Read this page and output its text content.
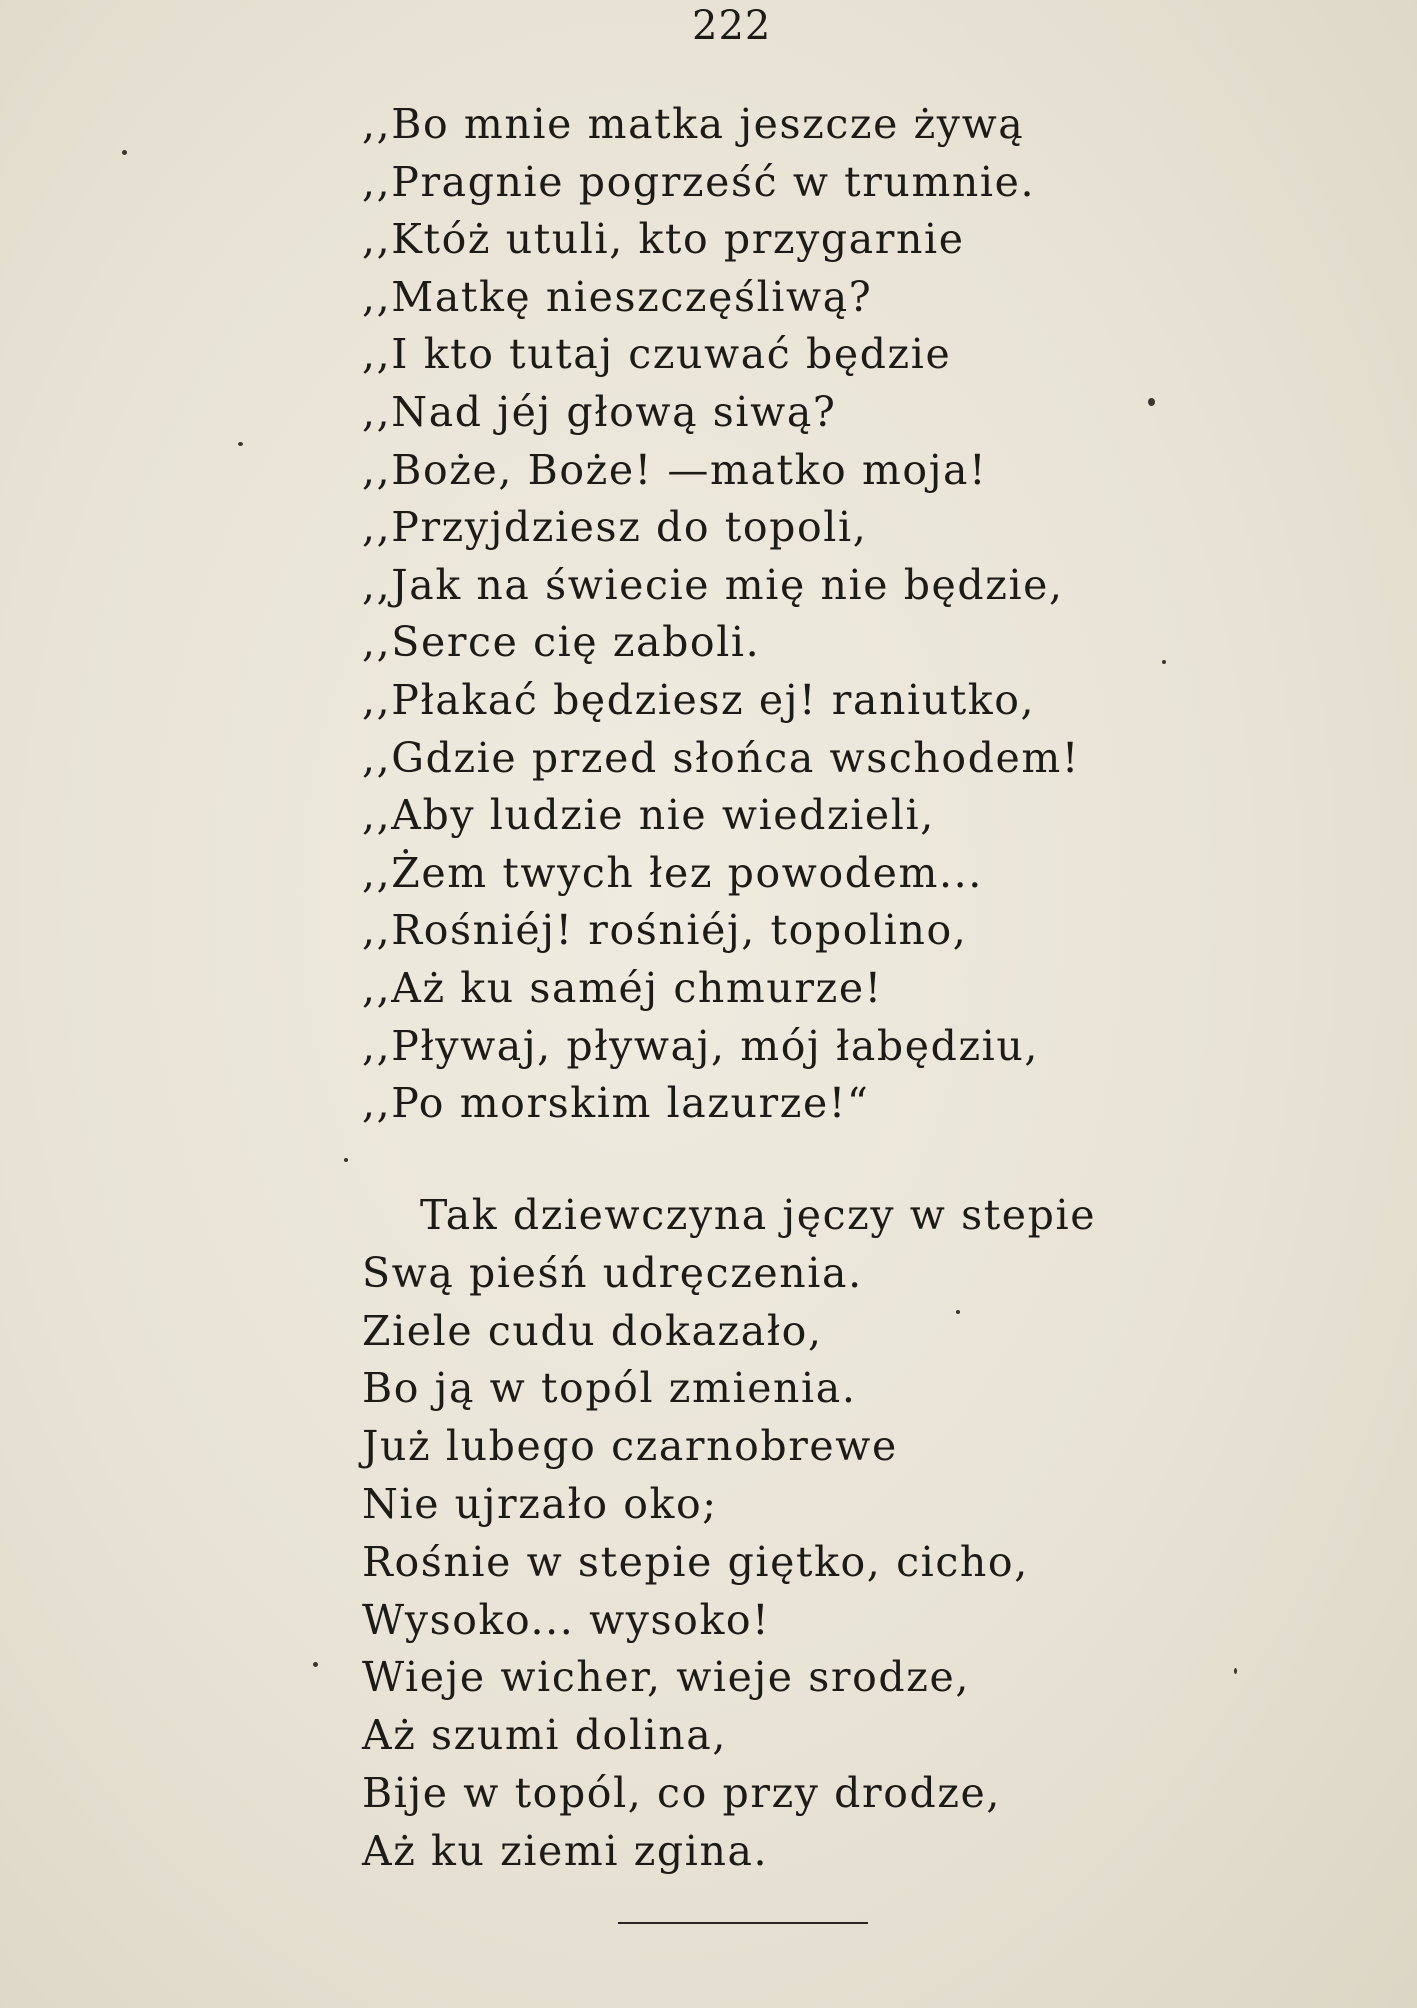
222
,,Bo mnie matka jeszcze żywą
,,Pragnie pogrześć w trumnie.
,,Któż utuli, kto przygarnie
,,Matkę nieszczęśliwą?
,,I kto tutaj czuwać będzie
,,Nad jéj głową siwą?
,,Boże, Boże! —matko moja!
,,Przyjdziesz do topoli,
,,Jak na świecie mię nie będzie,
,,Serce cię zaboli.
,,Płakać będziesz ej! raniutko,
,,Gdzie przed słońca wschodem!
,,Aby ludzie nie wiedzieli,
,,Żem twych łez powodem...
,,Rośniéj! rośniéj, topolino,
,,Aż ku saméj chmurze!
,,Pływaj, pływaj, mój łabędziu,
,,Po morskim lazurze!“
Tak dziewczyna jęczy w stepie
Swą pieśń udręczenia.
Ziele cudu dokazało,
Bo ją w topól zmienia.
Już lubego czarnobrewe
Nie ujrzało oko;
Rośnie w stepie giętko, cicho,
Wysoko... wysoko!
Wieje wicher, wieje srodze,
Aż szumi dolina,
Bije w topól, co przy drodze,
Aż ku ziemi zgina.
